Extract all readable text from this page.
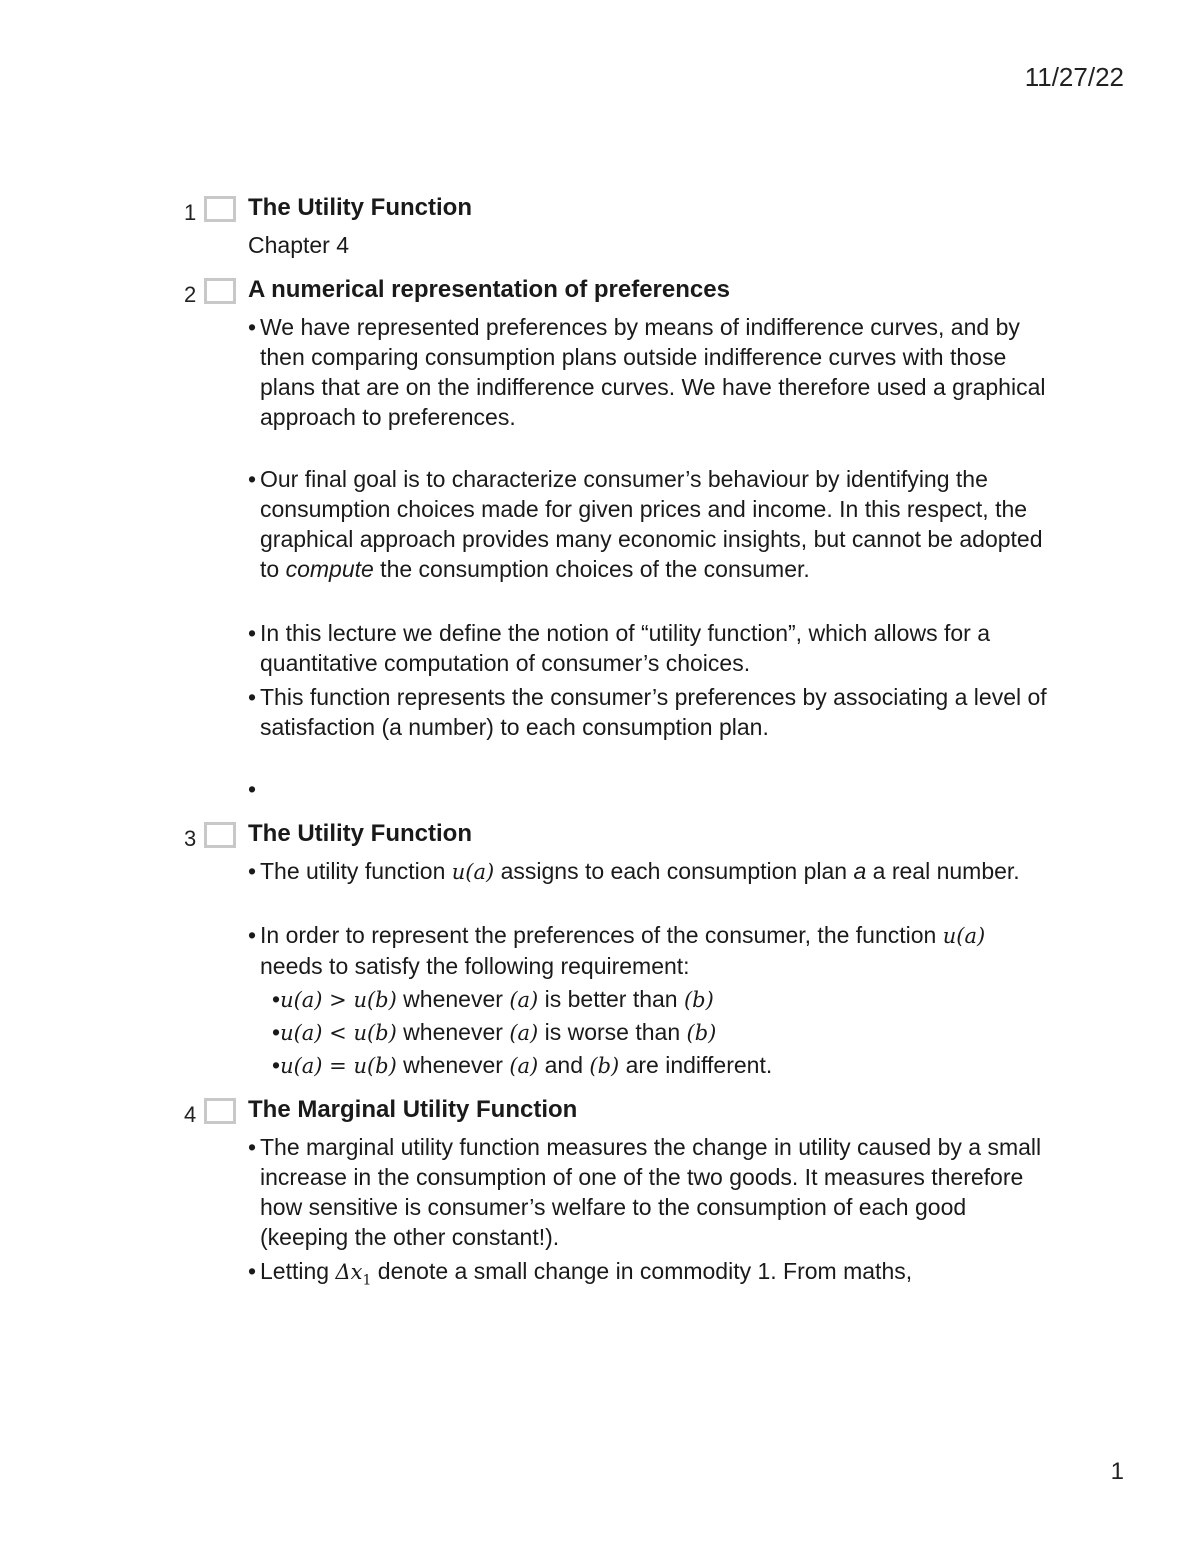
11/27/22
1	The Utility Function
Chapter 4
2	A numerical representation of preferences
• We have represented preferences by means of indifference curves, and by then comparing consumption plans outside indifference curves with those plans that are on the indifference curves. We have therefore used a graphical approach to preferences.
• Our final goal is to characterize consumer’s behaviour by identifying the consumption choices made for given prices and income. In this respect, the graphical approach provides many economic insights, but cannot be adopted to compute the consumption choices of the consumer.
• In this lecture we define the notion of “utility function”, which allows for a quantitative computation of consumer’s choices.
• This function represents the consumer’s preferences by associating a level of satisfaction (a number) to each consumption plan.
•
3	The Utility Function
• The utility function u(a) assigns to each consumption plan a a real number.
• In order to represent the preferences of the consumer, the function u(a) needs to satisfy the following requirement:
•u(a) > u(b) whenever (a) is better than (b)
•u(a) < u(b) whenever (a) is worse than (b)
•u(a) = u(b) whenever (a) and (b) are indifferent.
4	The Marginal Utility Function
• The marginal utility function measures the change in utility caused by a small increase in the consumption of one of the two goods. It measures therefore how sensitive is consumer’s welfare to the consumption of each good (keeping the other constant!).
• Letting $\Delta x_1$ denote a small change in commodity 1. From maths,
1
